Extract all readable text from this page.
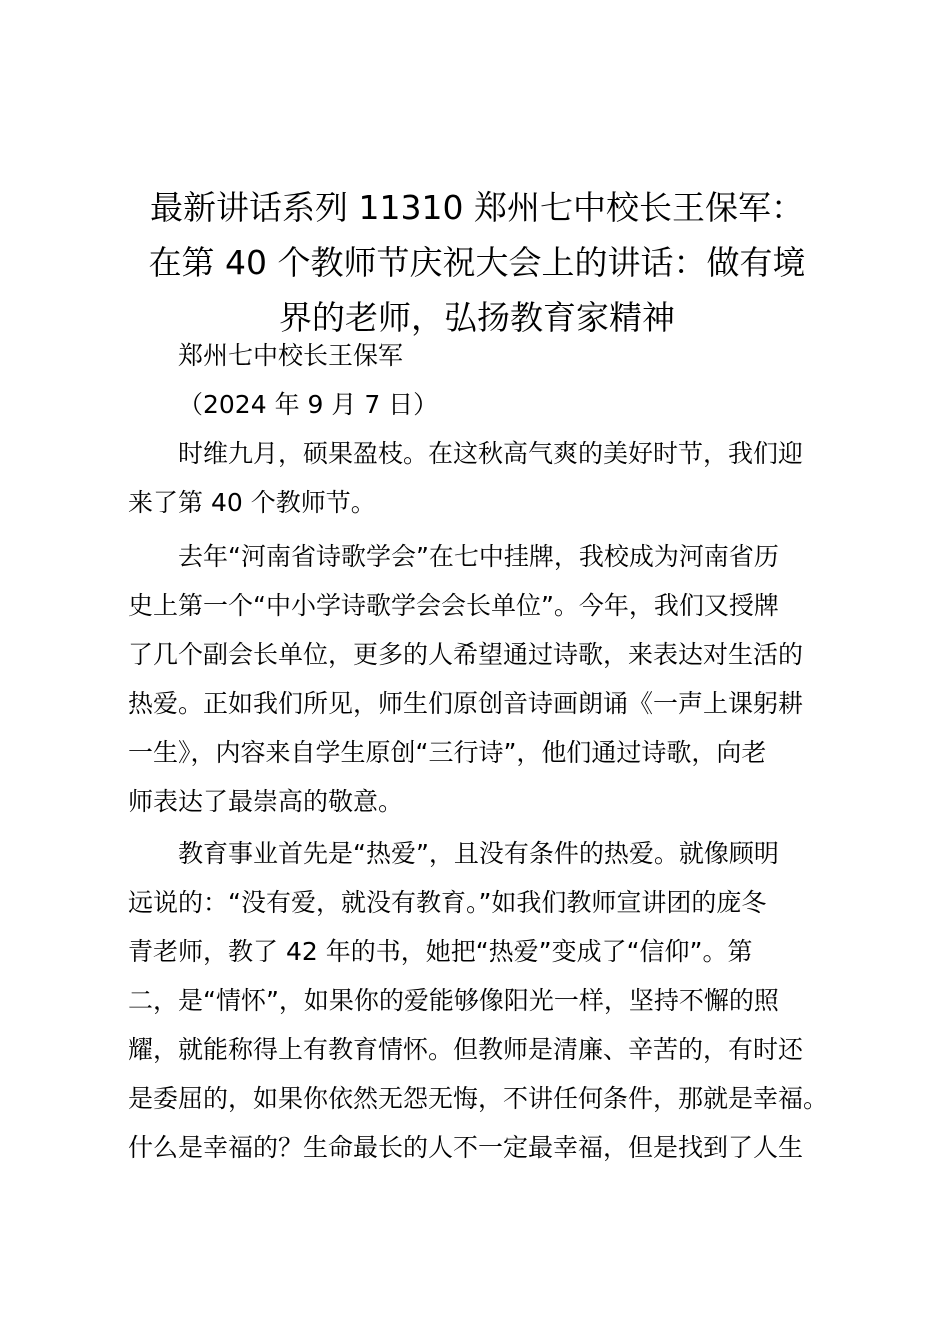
最新讲话系列 11310 郑州七中校长王保军：
在第 40 个教师节庆祝大会上的讲话：做有境
界的老师，弘扬教育家精神
郑州七中校长王保军
（2024 年 9 月 7 日）
时维九月，硕果盈枝。在这秋高气爽的美好时节，我们迎
来了第 40 个教师节。
去年“河南省诗歌学会”在七中挂牌，我校成为河南省历
史上第一个“中小学诗歌学会会长单位”。今年，我们又授牌
了几个副会长单位，更多的人希望通过诗歌，来表达对生活的
热爱。正如我们所见，师生们原创音诗画朗诵《一声上课躬耕
一生》，内容来自学生原创“三行诗”，他们通过诗歌，向老
师表达了最崇高的敬意。
教育事业首先是“热爱”，且没有条件的热爱。就像顾明
远说的：“没有爱，就没有教育。”如我们教师宣讲团的庞冬
青老师，教了 42 年的书，她把“热爱”变成了“信仰”。第
二，是“情怀”，如果你的爱能够像阳光一样，坚持不懈的照
耀，就能称得上有教育情怀。但教师是清廉、辛苦的，有时还
是委屈的，如果你依然无怨无悔，不讲任何条件，那就是幸福。
什么是幸福的？生命最长的人不一定最幸福，但是找到了人生
